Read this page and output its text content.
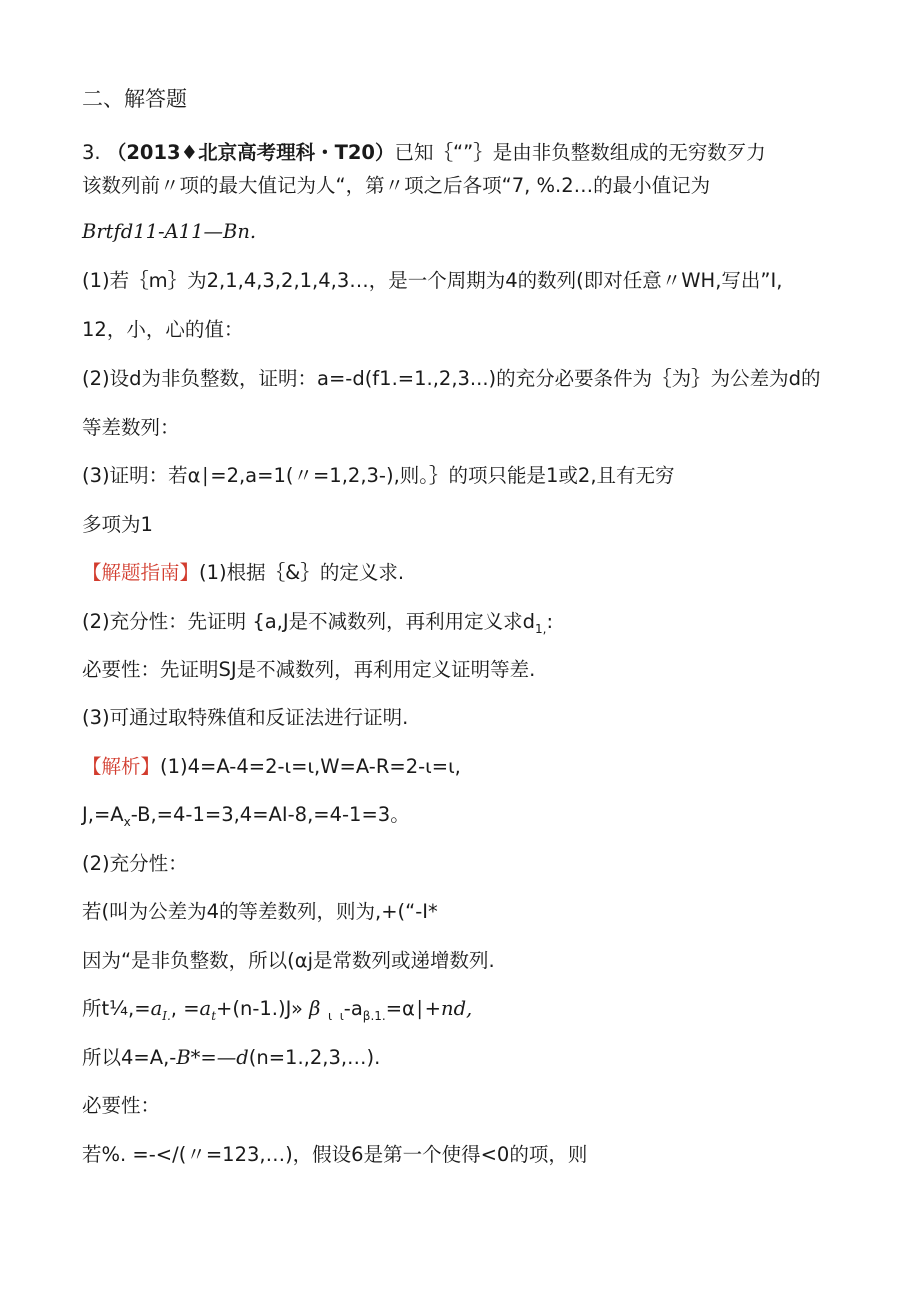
二、解答题
3. （2013♦北京高考理科・T20）已知｛“”｝是由非负整数组成的无穷数歹力
该数列前〃项的最大值记为人“，第〃项之后各项“7, %.2…的最小值记为
Brtfd11-A11—Bn.
(1)若｛m｝为2,1,4,3,2,1,4,3…，是一个周期为4的数列(即对任意〃WH,写出”I,
12，小，心的值：
(2)设d为非负整数，证明：a=-d(f1.=1.,2,3...)的充分必要条件为｛为｝为公差为d的
等差数列：
(3)证明：若α∣=2,a=1(〃=1,2,3-),则。｝的项只能是1或2,且有无穷
多项为1
【解题指南】(1)根据｛&｝的定义求.
(2)充分性：先证明 {a,J是不减数列，再利用定义求$d_{1,}$:
必要性：先证明SJ是不减数列，再利用定义证明等差.
(3)可通过取特殊值和反证法进行证明.
【解析】(1)4=A-4=2-ι=ι,W=A-R=2-ι=ι,
$J,=A_x-B,=4-1=3,4=AI-8,=4-1=3$。
(2)充分性：
若(叫为公差为4的等差数列，则为,+(“-I*
因为“是非负整数，所以(αj是常数列或递增数列.
所$t\frac{1}{4},=a_{I.}$, $=a_t+(n-1.)J$» β  $_{\iota \iota}-a_{\beta.1.}=\alpha∣+nd$,
所以4=A,-B*=—d(n=1.,2,3,…).
必要性：
若%. =-</(〃=123,…)，假设6是第一个使得<0的项，则
